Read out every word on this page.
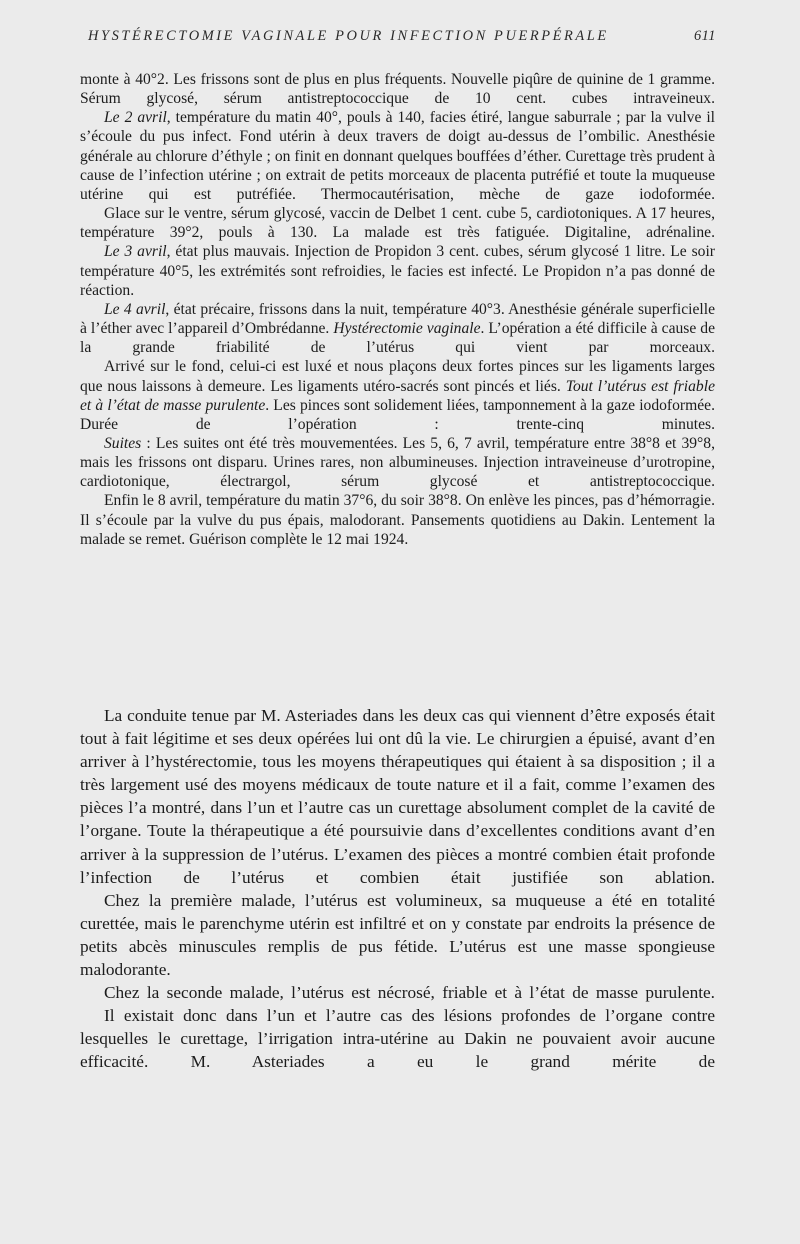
HYSTÉRECTOMIE VAGINALE POUR INFECTION PUERPÉRALE	611

monte à 40°2. Les frissons sont de plus en plus fréquents. Nouvelle piqûre de quinine de 1 gramme. Sérum glycosé, sérum antistreptococcique de 10 cent. cubes intraveineux.

Le 2 avril, température du matin 40°, pouls à 140, facies étiré, langue saburrale ; par la vulve il s’écoule du pus infect. Fond utérin à deux travers de doigt au-dessus de l’ombilic. Anesthésie générale au chlorure d’éthyle ; on finit en donnant quelques bouffées d’éther. Curettage très prudent à cause de l’infection utérine ; on extrait de petits morceaux de placenta putréfié et toute la muqueuse utérine qui est putréfiée. Thermocautérisation, mèche de gaze iodoformée.

Glace sur le ventre, sérum glycosé, vaccin de Delbet 1 cent. cube 5, cardiotoniques. A 17 heures, température 39°2, pouls à 130. La malade est très fatiguée. Digitaline, adrénaline.

Le 3 avril, état plus mauvais. Injection de Propidon 3 cent. cubes, sérum glycosé 1 litre. Le soir température 40°5, les extrémités sont refroidies, le facies est infecté. Le Propidon n’a pas donné de réaction.

Le 4 avril, état précaire, frissons dans la nuit, température 40°3. Anesthésie générale superficielle à l’éther avec l’appareil d’Ombrédanne. Hystérectomie vaginale. L’opération a été difficile à cause de la grande friabilité de l’utérus qui vient par morceaux.

Arrivé sur le fond, celui-ci est luxé et nous plaçons deux fortes pinces sur les ligaments larges que nous laissons à demeure. Les ligaments utéro-sacrés sont pincés et liés. Tout l’utérus est friable et à l’état de masse purulente. Les pinces sont solidement liées, tamponnement à la gaze iodoformée. Durée de l’opération : trente-cinq minutes.

Suites : Les suites ont été très mouvementées. Les 5, 6, 7 avril, température entre 38°8 et 39°8, mais les frissons ont disparu. Urines rares, non albumineuses. Injection intraveineuse d’urotropine, cardiotonique, électrargol, sérum glycosé et antistreptococcique.

Enfin le 8 avril, température du matin 37°6, du soir 38°8. On enlève les pinces, pas d’hémorragie. Il s’écoule par la vulve du pus épais, malodorant. Pansements quotidiens au Dakin. Lentement la malade se remet. Guérison complète le 12 mai 1924.

La conduite tenue par M. Asteriades dans les deux cas qui viennent d’être exposés était tout à fait légitime et ses deux opérées lui ont dû la vie. Le chirurgien a épuisé, avant d’en arriver à l’hystérectomie, tous les moyens thérapeutiques qui étaient à sa disposition ; il a très largement usé des moyens médicaux de toute nature et il a fait, comme l’examen des pièces l’a montré, dans l’un et l’autre cas un curettage absolument complet de la cavité de l’organe. Toute la thérapeutique a été poursuivie dans d’excellentes conditions avant d’en arriver à la suppression de l’utérus. L’examen des pièces a montré combien était profonde l’infection de l’utérus et combien était justifiée son ablation.

Chez la première malade, l’utérus est volumineux, sa muqueuse a été en totalité curettée, mais le parenchyme utérin est infiltré et on y constate par endroits la présence de petits abcès minuscules remplis de pus fétide. L’utérus est une masse spongieuse malodorante.

Chez la seconde malade, l’utérus est nécrosé, friable et à l’état de masse purulente.

Il existait donc dans l’un et l’autre cas des lésions profondes de l’organe contre lesquelles le curettage, l’irrigation intra-utérine au Dakin ne pouvaient avoir aucune efficacité. M. Asteriades a eu le grand mérite de
